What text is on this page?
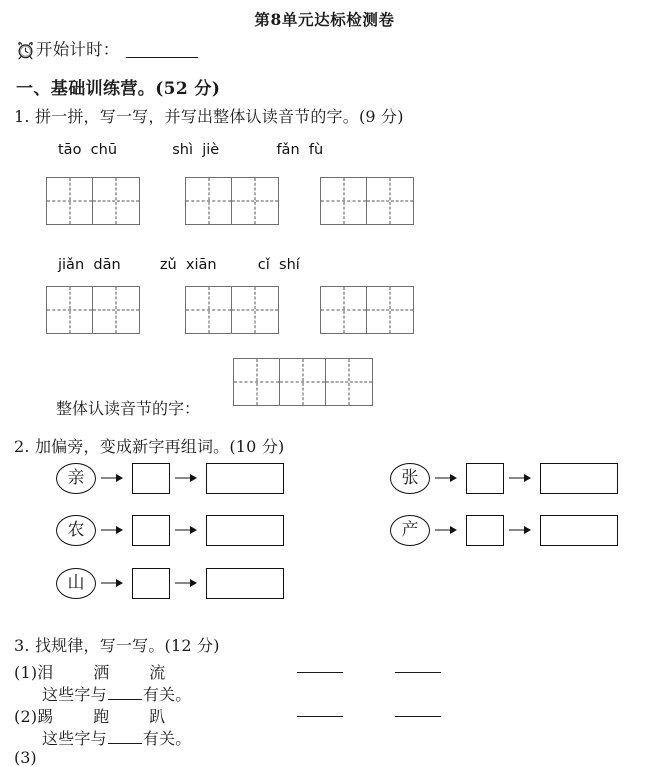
第8单元达标检测卷
开始计时：
一、基础训练营。(52 分)
1. 拼一拼，写一写，并写出整体认读音节的字。(9 分)
tāo chū	shì jiè	fǎn fù
jiǎn dān	zǔ xiān	cǐ shí
整体认读音节的字：
2. 加偏旁，变成新字再组词。(10 分)
亲	张
农	产
山
3. 找规律，写一写。(12 分)
(1)泪 洒 流
这些字与 有关。
(2)踢 跑 趴
这些字与 有关。
(3)
